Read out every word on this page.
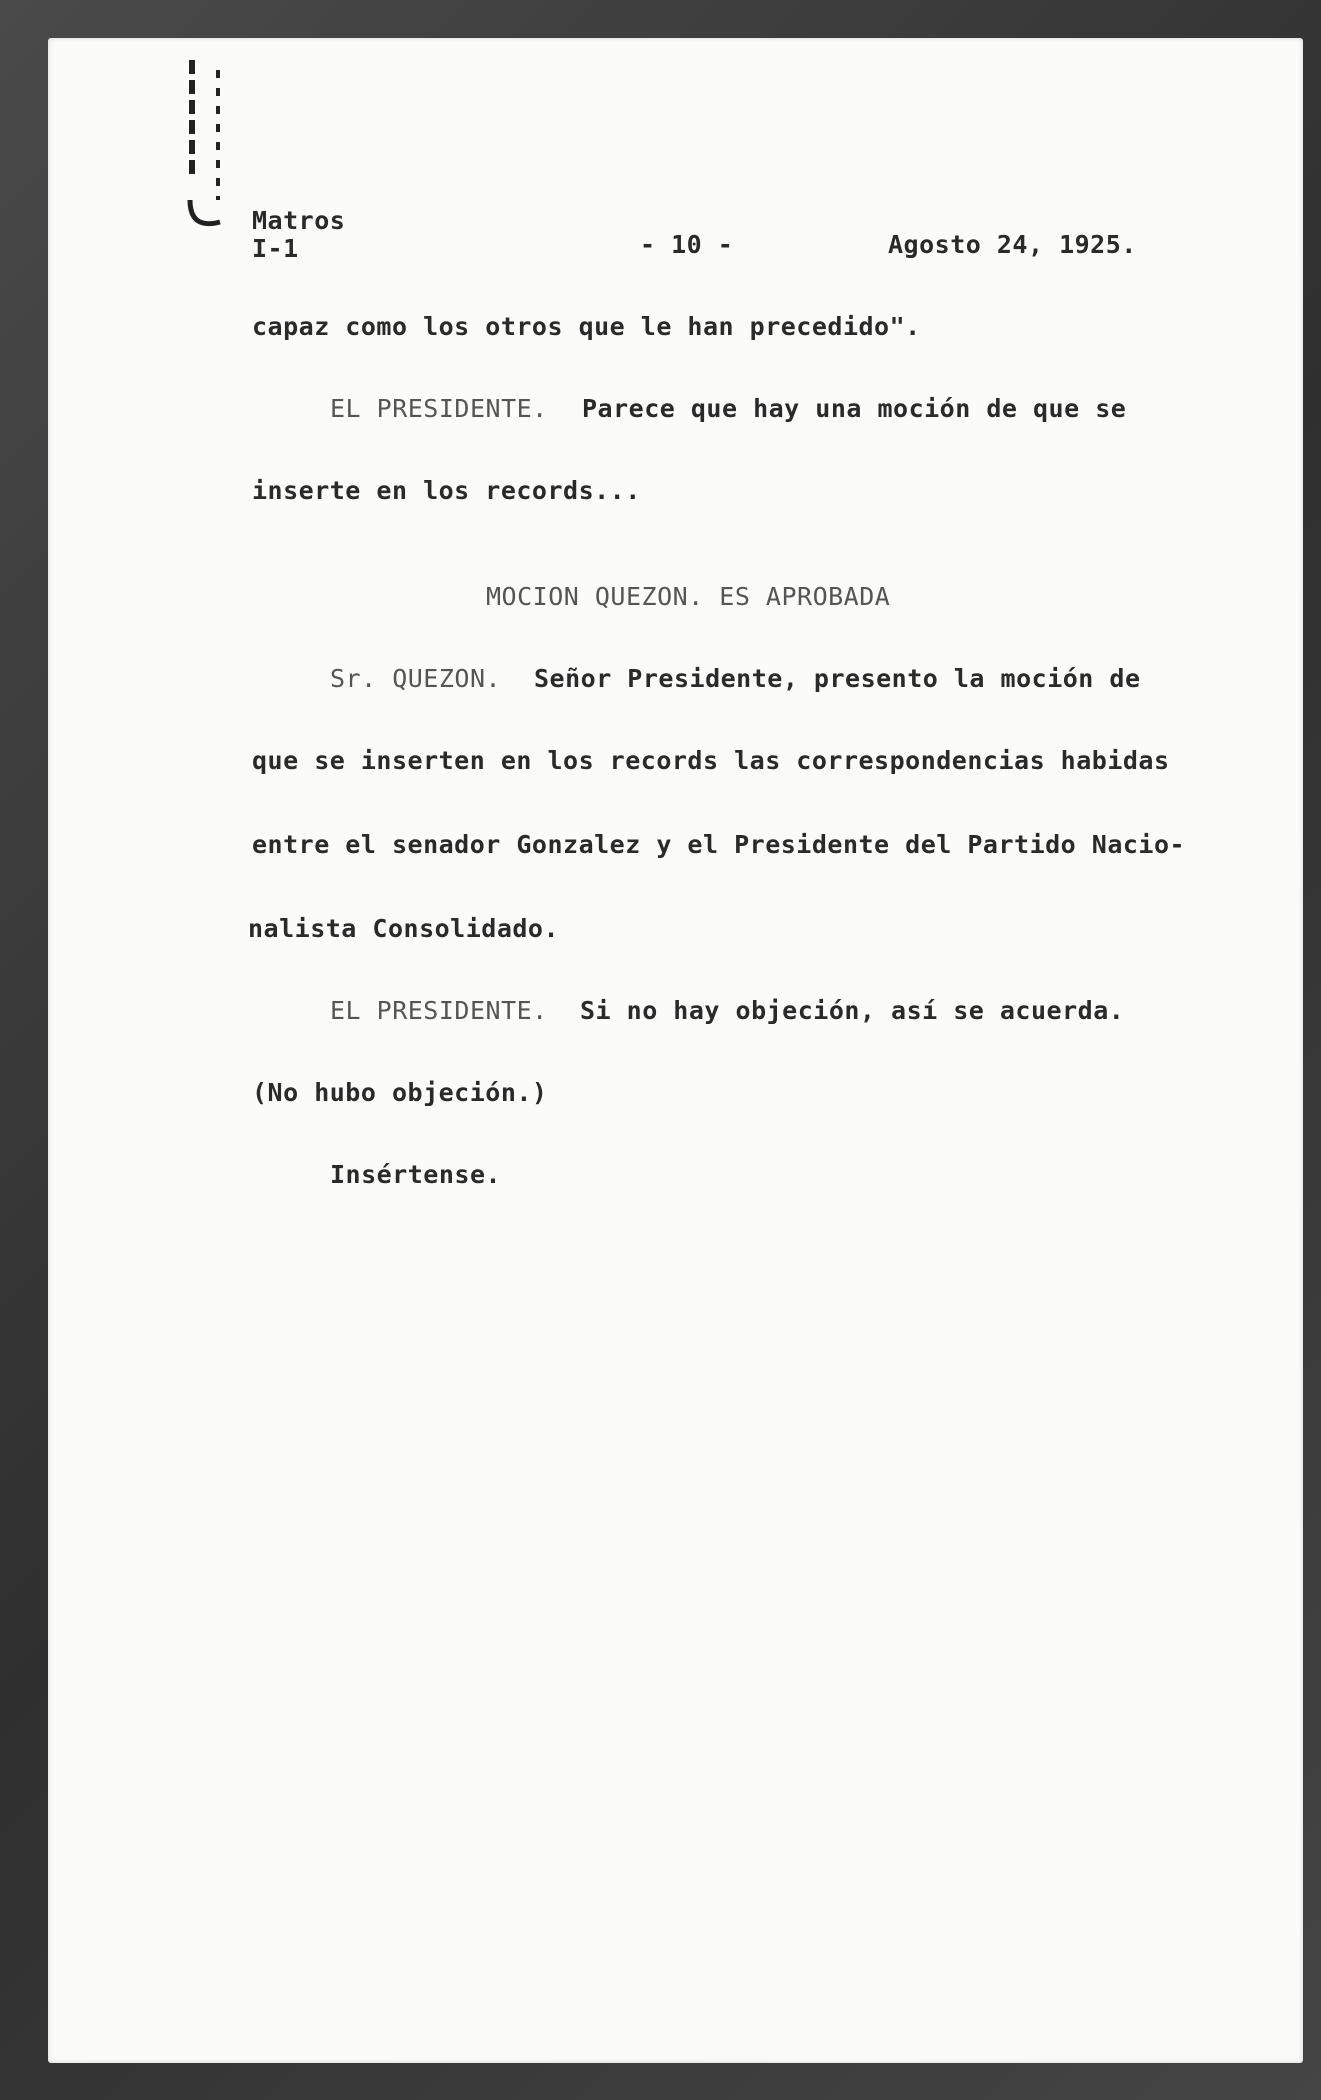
Matros
I-1	- 10 -	Agosto 24, 1925.
capaz como los otros que le han precedido".
EL PRESIDENTE. Parece que hay una moción de que se
inserte en los records...
MOCION QUEZON. ES APROBADA
Sr. QUEZON. Señor Presidente, presento la moción de
que se inserten en los records las correspondencias habidas
entre el senador Gonzalez y el Presidente del Partido Nacio-
nalista Consolidado.
EL PRESIDENTE. Si no hay objeción, así se acuerda.
(No hubo objeción.)
Insértense.
